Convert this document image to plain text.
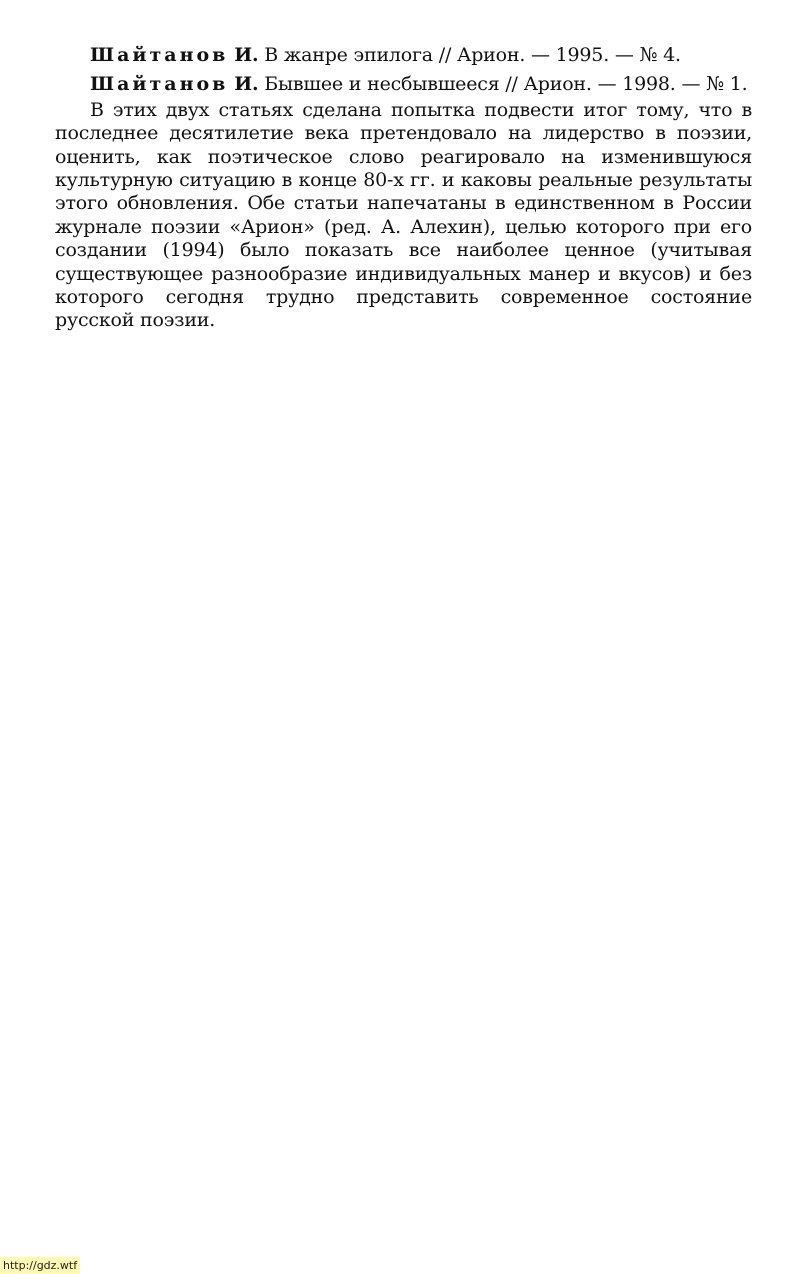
Шайтанов И. В жанре эпилога // Арион. — 1995. — № 4.

Шайтанов И. Бывшее и несбывшееся // Арион. — 1998. — № 1.

В этих двух статьях сделана попытка подвести итог тому, что в последнее десятилетие века претендовало на лидерство в поэзии, оценить, как поэтическое слово реагировало на изменившуюся культурную ситуацию в конце 80-х гг. и каковы реальные результаты этого обновления. Обе статьи напечатаны в единственном в России журнале поэзии «Арион» (ред. А. Алехин), целью которого при его создании (1994) было показать все наиболее ценное (учитывая существующее разнообразие индивидуальных манер и вкусов) и без которого сегодня трудно представить современное состояние русской поэзии.

http://gdz.wtf
